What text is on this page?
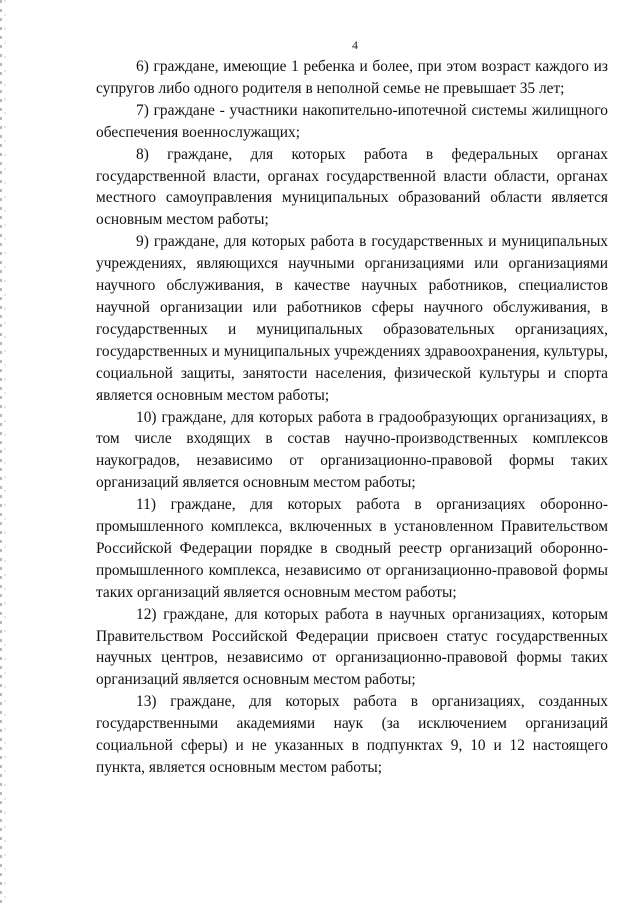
4

6) граждане, имеющие 1 ребенка и более, при этом возраст каждого из супругов либо одного родителя в неполной семье не превышает 35 лет;

7) граждане - участники накопительно-ипотечной системы жилищного обеспечения военнослужащих;

8) граждане, для которых работа в федеральных органах государственной власти, органах государственной власти области, органах местного самоуправления муниципальных образований области является основным местом работы;

9) граждане, для которых работа в государственных и муниципальных учреждениях, являющихся научными организациями или организациями научного обслуживания, в качестве научных работников, специалистов научной организации или работников сферы научного обслуживания, в государственных и муниципальных образовательных организациях, государственных и муниципальных учреждениях здравоохранения, культуры, социальной защиты, занятости населения, физической культуры и спорта является основным местом работы;

10) граждане, для которых работа в градообразующих организациях, в том числе входящих в состав научно-производственных комплексов наукоградов, независимо от организационно-правовой формы таких организаций является основным местом работы;

11) граждане, для которых работа в организациях оборонно-промышленного комплекса, включенных в установленном Правительством Российской Федерации порядке в сводный реестр организаций оборонно-промышленного комплекса, независимо от организационно-правовой формы таких организаций является основным местом работы;

12) граждане, для которых работа в научных организациях, которым Правительством Российской Федерации присвоен статус государственных научных центров, независимо от организационно-правовой формы таких организаций является основным местом работы;

13) граждане, для которых работа в организациях, созданных государственными академиями наук (за исключением организаций социальной сферы) и не указанных в подпунктах 9, 10 и 12 настоящего пункта, является основным местом работы;
